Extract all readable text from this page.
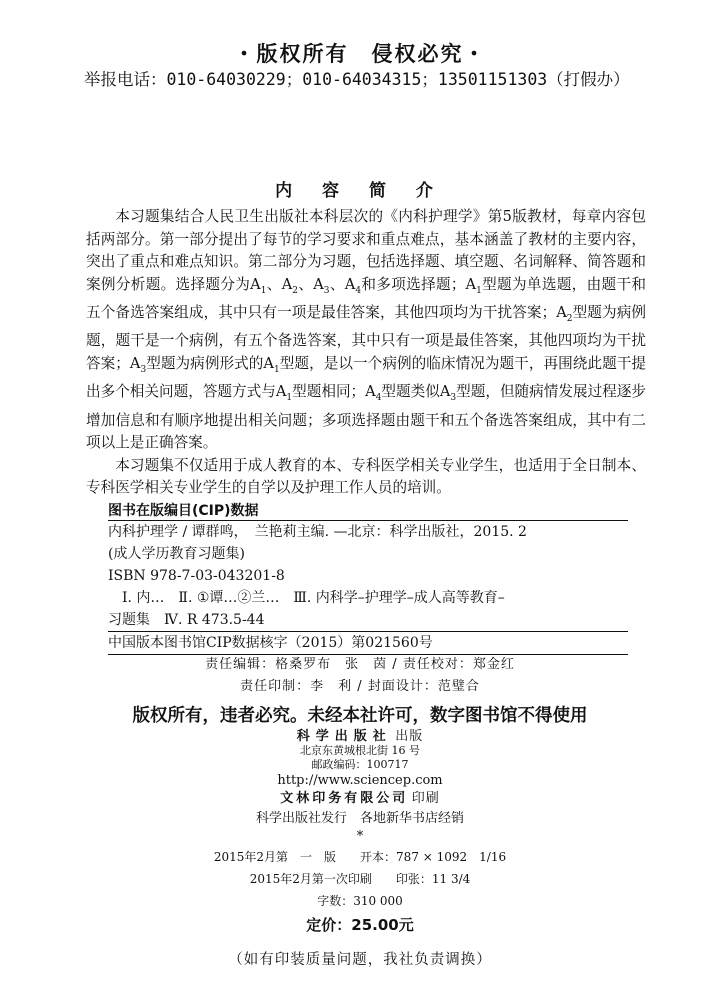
・版权所有　侵权必究・
举报电话：010-64030229；010-64034315；13501151303（打假办）
内 容 简 介

本习题集结合人民卫生出版社本科层次的《内科护理学》第5版教材，每章内容包括两部分。第一部分提出了每节的学习要求和重点难点，基本涵盖了教材的主要内容，突出了重点和难点知识。第二部分为习题，包括选择题、填空题、名词解释、简答题和案例分析题。选择题分为$A_1$、$A_2$、$A_3$、$A_4$和多项选择题；$A_1$型题为单选题，由题干和五个备选答案组成，其中只有一项是最佳答案，其他四项均为干扰答案；$A_2$型题为病例题，题干是一个病例，有五个备选答案，其中只有一项是最佳答案，其他四项均为干扰答案；$A_3$型题为病例形式的$A_1$型题，是以一个病例的临床情况为题干，再围绕此题干提出多个相关问题，答题方式与$A_1$型题相同；$A_4$型题类似$A_3$型题，但随病情发展过程逐步增加信息和有顺序地提出相关问题；多项选择题由题干和五个备选答案组成，其中有二项以上是正确答案。

本习题集不仅适用于成人教育的本、专科医学相关专业学生，也适用于全日制本、专科医学相关专业学生的自学以及护理工作人员的培训。

图书在版编目(CIP)数据
内科护理学 / 谭群鸣，　兰艳莉主编. —北京：科学出版社，2015. 2
(成人学历教育习题集)
ISBN 978-7-03-043201-8
Ⅰ. 内…　Ⅱ. ①谭…②兰…　Ⅲ. 内科学–护理学–成人高等教育–
习题集　Ⅳ. R 473.5-44
中国版本图书馆CIP数据核字（2015）第021560号
责任编辑：格桑罗布　张　茵 / 责任校对：郑金红
责任印制：李　利 / 封面设计：范璧合
版权所有，违者必究。未经本社许可，数字图书馆不得使用
科学出版社 出版
北京东黄城根北街 16 号
邮政编码：100717
http://www.sciencep.com
文林印务有限公司 印刷
科学出版社发行　各地新华书店经销
*
2015年2月第　一　版　　开本：787 × 1092　1/16
2015年2月第一次印刷　　印张：11 3/4
字数：310 000
定价：25.00元
（如有印装质量问题，我社负责调换）
